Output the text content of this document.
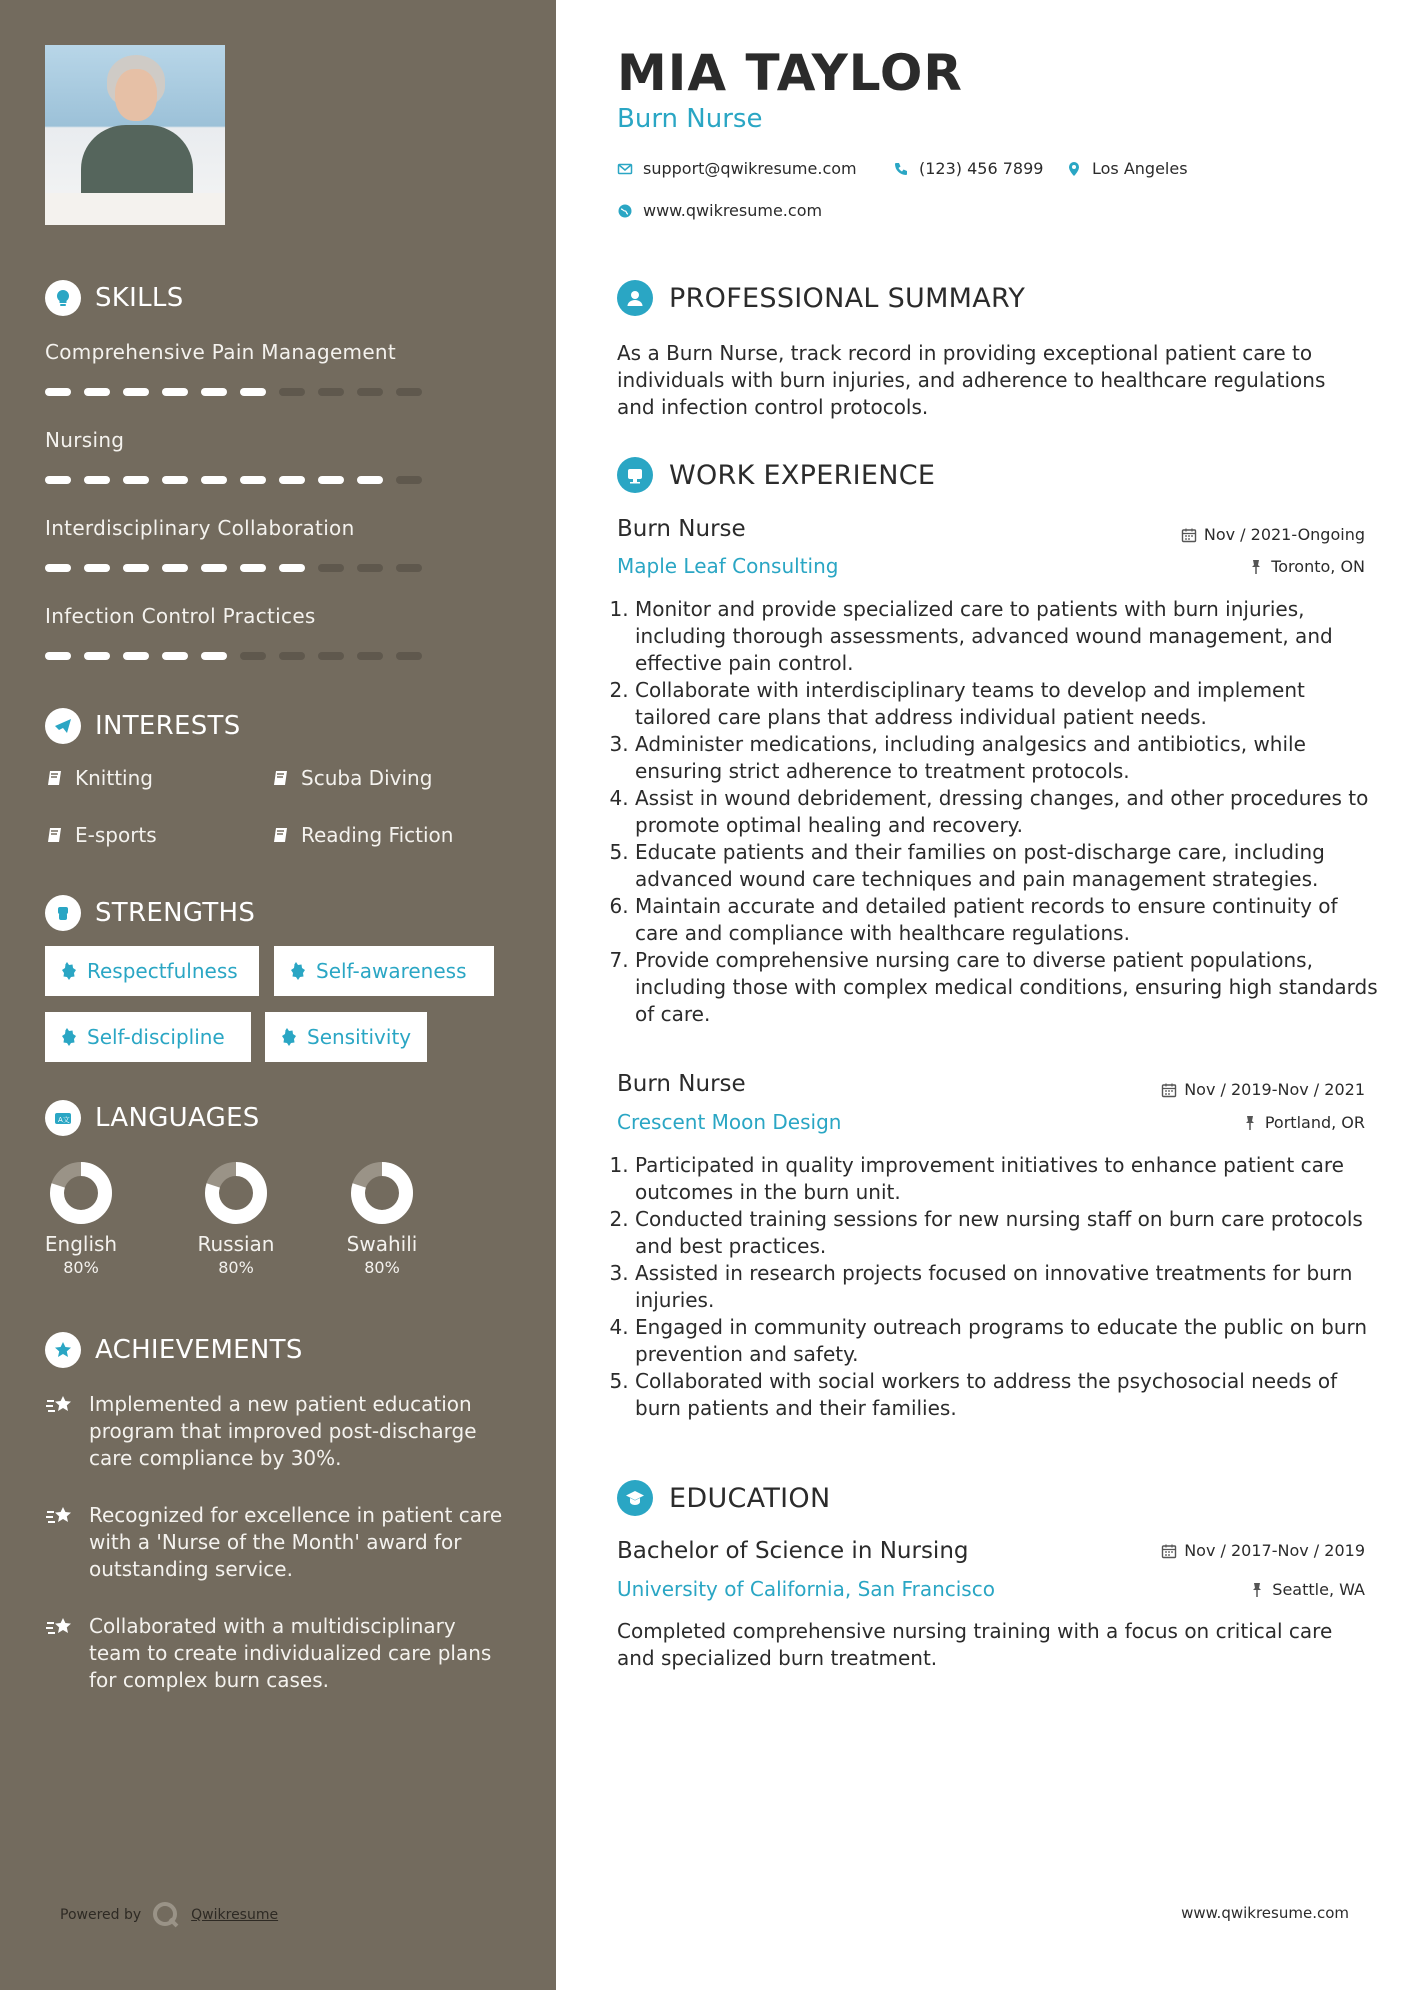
SKILLS
Comprehensive Pain Management
Nursing
Interdisciplinary Collaboration
Infection Control Practices
INTERESTS
Knitting	Scuba Diving
E-sports	Reading Fiction
STRENGTHS
Respectfulness	Self-awareness
Self-discipline	Sensitivity
A文 LANGUAGES
English
80%
Russian
80%
Swahili
80%
ACHIEVEMENTS
Implemented a new patient education program that improved post-discharge care compliance by 30%.
Recognized for excellence in patient care with a 'Nurse of the Month' award for outstanding service.
Collaborated with a multidisciplinary team to create individualized care plans for complex burn cases.
Powered by	Qwikresume
MIA TAYLOR
Burn Nurse
support@qwikresume.com	(123) 456 7899	Los Angeles
www.qwikresume.com
PROFESSIONAL SUMMARY
As a Burn Nurse, track record in providing exceptional patient care to individuals with burn injuries, and adherence to healthcare regulations and infection control protocols.
WORK EXPERIENCE
Burn Nurse	Nov / 2021-Ongoing
Maple Leaf Consulting	Toronto, ON
1. Monitor and provide specialized care to patients with burn injuries, including thorough assessments, advanced wound management, and effective pain control.
2. Collaborate with interdisciplinary teams to develop and implement tailored care plans that address individual patient needs.
3. Administer medications, including analgesics and antibiotics, while ensuring strict adherence to treatment protocols.
4. Assist in wound debridement, dressing changes, and other procedures to promote optimal healing and recovery.
5. Educate patients and their families on post-discharge care, including advanced wound care techniques and pain management strategies.
6. Maintain accurate and detailed patient records to ensure continuity of care and compliance with healthcare regulations.
7. Provide comprehensive nursing care to diverse patient populations, including those with complex medical conditions, ensuring high standards of care.
Burn Nurse	Nov / 2019-Nov / 2021
Crescent Moon Design	Portland, OR
1. Participated in quality improvement initiatives to enhance patient care outcomes in the burn unit.
2. Conducted training sessions for new nursing staff on burn care protocols and best practices.
3. Assisted in research projects focused on innovative treatments for burn injuries.
4. Engaged in community outreach programs to educate the public on burn prevention and safety.
5. Collaborated with social workers to address the psychosocial needs of burn patients and their families.
EDUCATION
Bachelor of Science in Nursing	Nov / 2017-Nov / 2019
University of California, San Francisco	Seattle, WA
Completed comprehensive nursing training with a focus on critical care and specialized burn treatment.
www.qwikresume.com
